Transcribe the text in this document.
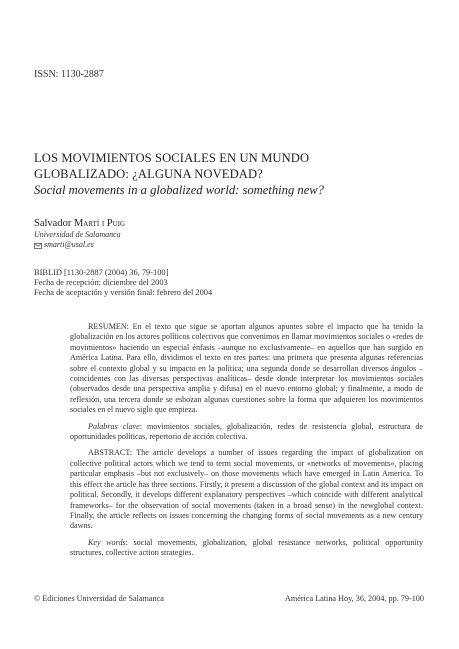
ISSN: 1130-2887
LOS MOVIMIENTOS SOCIALES EN UN MUNDO
GLOBALIZADO: ¿ALGUNA NOVEDAD?
Social movements in a globalized world: something new?
Salvador Martí i Puig
Universidad de Salamanca
smarti@usal.es
BIBLID [1130-2887 (2004) 36, 79-100]
Fecha de recepción: diciembre del 2003
Fecha de aceptación y versión final: febrero del 2004

RESUMEN: En el texto que sigue se aportan algunos apuntes sobre el impacto que ha tenido la globalización en los actores políticos colectivos que convenimos en llamar movimientos sociales o «redes de movimientos» haciendo un especial énfasis –aunque no exclusivamente– en aquellos que han surgido en América Latina. Para ello, dividimos el texto en tres partes: una primera que presenta algunas referencias sobre el contexto global y su impacto en la política; una segunda donde se desarrollan diversos ángulos –coincidentes con las diversas perspectivas analíticas– desde donde interpretar los movimientos sociales (observados desde una perspectiva amplia y difusa) en el nuevo entorno global; y finalmente, a modo de reflexión, una tercera donde se esbozan algunas cuestiones sobre la forma que adquieren los movimientos sociales en el nuevo siglo que empieza.

Palabras clave: movimientos sociales, globalización, redes de resistencia global, estructura de oportunidades políticas, repertorio de acción colectiva.

ABSTRACT: The article develops a number of issues regarding the impact of globalization on collective political actors which we tend to term social movements, or «networks of movements», placing particular emphasis –but not exclusively– on those movements which have emerged in Latin America. To this effect the article has three sections. Firstly, it present a discussion of the global context and its impact on political. Secondly, it develops different explanatory perspectives –which coincide with different analytical frameworks– for the observation of social movements (taken in a broad sense) in the newglobal context. Finally, the article reflects on issues concerning the changing forms of social movements as a new century dawns.

Key words: social movements, globalization, global resistance networks, political opportunity structures, collective action strategies.

© Ediciones Universidad de Salamanca	América Latina Hoy, 36, 2004, pp. 79-100
